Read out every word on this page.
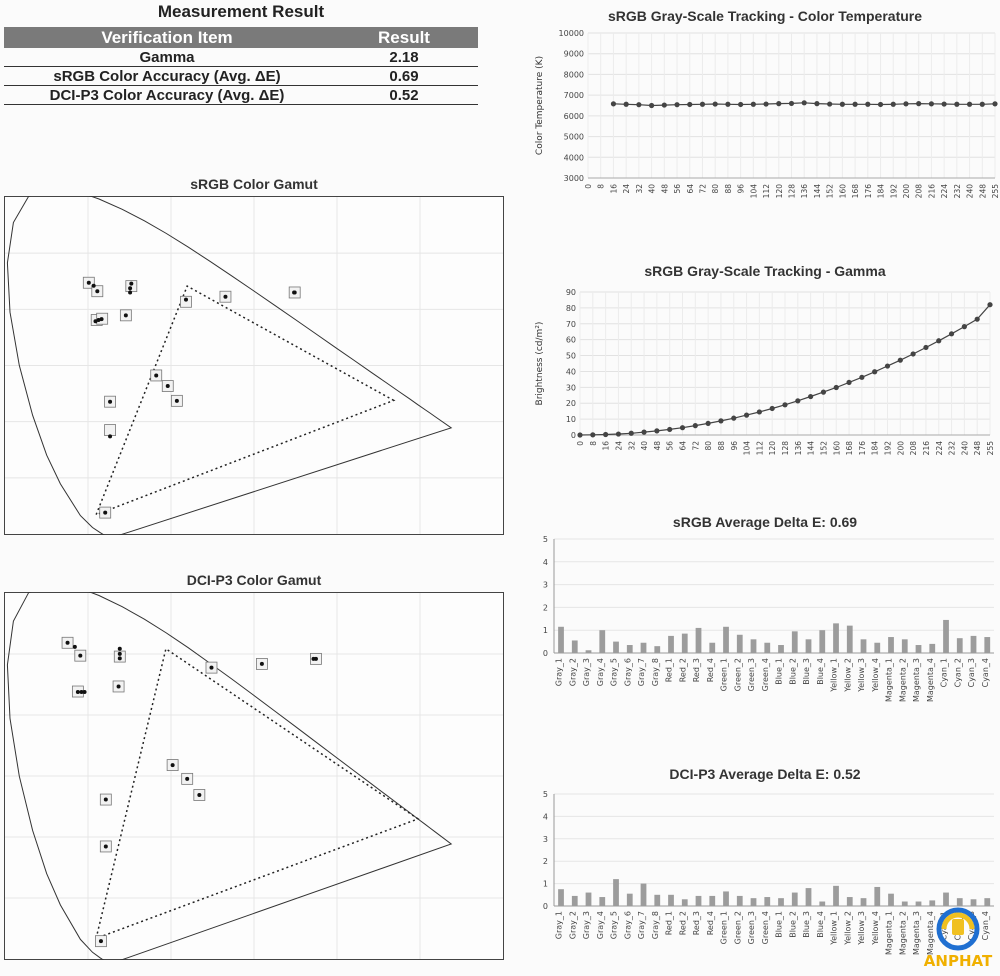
Measurement Result
Verification Item	Result
Gamma	2.18
sRGB Color Accuracy (Avg. ΔE)	0.69
DCI-P3 Color Accuracy (Avg. ΔE)	0.52
sRGB Color Gamut
DCI-P3 Color Gamut
sRGB Gray-Scale Tracking - Color Temperature
3000
4000
5000
6000
7000
8000
9000
10000
0 8 16 24 32 40 48 56 64 72 80 88 96 104 112 120 128 136 144 152 160 168 176 184 192 200 208 216 224 232 240 248 255
Color Temperature (K)
sRGB Gray-Scale Tracking - Gamma
0
10
20
30
40
50
60
70
80
90
0 8 16 24 32 40 48 56 64 72 80 88 96 104 112 120 128 136 144 152 160 168 176 184 192 200 208 216 224 232 240 248 255
Brightness (cd/m²)
sRGB Average Delta E: 0.69
0
1
2
3
4
5
Gray_1 Gray_2 Gray_3 Gray_4 Gray_5 Gray_6 Gray_7 Gray_8 Red_1 Red_2 Red_3 Red_4 Green_1 Green_2 Green_3 Green_4 Blue_1 Blue_2 Blue_3 Blue_4 Yellow_1 Yellow_2 Yellow_3 Yellow_4 Magenta_1 Magenta_2 Magenta_3 Magenta_4 Cyan_1 Cyan_2 Cyan_3 Cyan_4
DCI-P3 Average Delta E: 0.52
0
1
2
3
4
5
Gray_1 Gray_2 Gray_3 Gray_4 Gray_5 Gray_6 Gray_7 Gray_8 Red_1 Red_2 Red_3 Red_4 Green_1 Green_2 Green_3 Green_4 Blue_1 Blue_2 Blue_3 Blue_4 Yellow_1 Yellow_2 Yellow_3 Yellow_4 Magenta_1 Magenta_2 Magenta_3 Magenta_4 Cyan_1 Cyan_3 Cyan_4
ANPHAT
